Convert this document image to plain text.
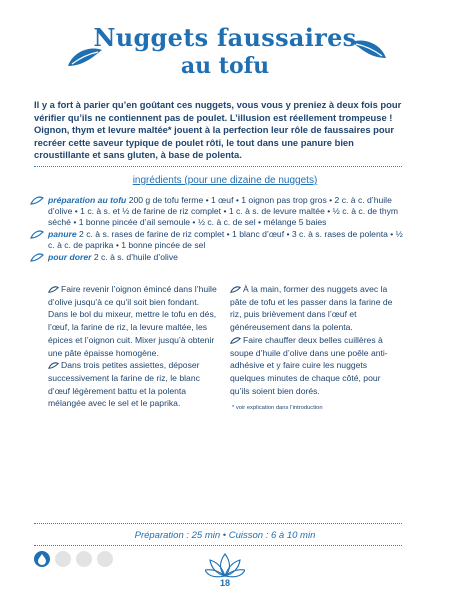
Nuggets faussaires
au tofu

Il y a fort à parier qu’en goûtant ces nuggets, vous vous y preniez à deux fois pour vérifier qu’ils ne contiennent pas de poulet. L’illusion est réellement trompeuse ! Oignon, thym et levure maltée* jouent à la perfection leur rôle de faussaires pour recréer cette saveur typique de poulet rôti, le tout dans une panure bien croustillante et sans gluten, à base de polenta.

ingrédients (pour une dizaine de nuggets)
préparation au tofu 200 g de tofu ferme • 1 œuf • 1 oignon pas trop gros • 2 c. à c. d’huile d’olive • 1 c. à s. et ½ de farine de riz complet • 1 c. à s. de levure maltée • ½ c. à c. de thym séché • 1 bonne pincée d’ail semoule • ½ c. à c. de sel • mélange 5 baies
panure 2 c. à s. rases de farine de riz complet • 1 blanc d’œuf • 3 c. à s. rases de polenta • ½ c. à c. de paprika • 1 bonne pincée de sel
pour dorer 2 c. à s. d’huile d’olive

Faire revenir l’oignon émincé dans l’huile d’olive jusqu’à ce qu’il soit bien fondant. Dans le bol du mixeur, mettre le tofu en dés, l’œuf, la farine de riz, la levure maltée, les épices et l’oignon cuit. Mixer jusqu’à obtenir une pâte épaisse homogène.

Dans trois petites assiettes, déposer successivement la farine de riz, le blanc d’œuf légèrement battu et la polenta mélangée avec le sel et le paprika.

À la main, former des nuggets avec la pâte de tofu et les passer dans la farine de riz, puis brièvement dans l’œuf et généreusement dans la polenta.

Faire chauffer deux belles cuillères à soupe d’huile d’olive dans une poêle anti-adhésive et y faire cuire les nuggets quelques minutes de chaque côté, pour qu’ils soient bien dorés.

* voir explication dans l’introduction
Préparation : 25 min • Cuisson : 6 à 10 min
18
